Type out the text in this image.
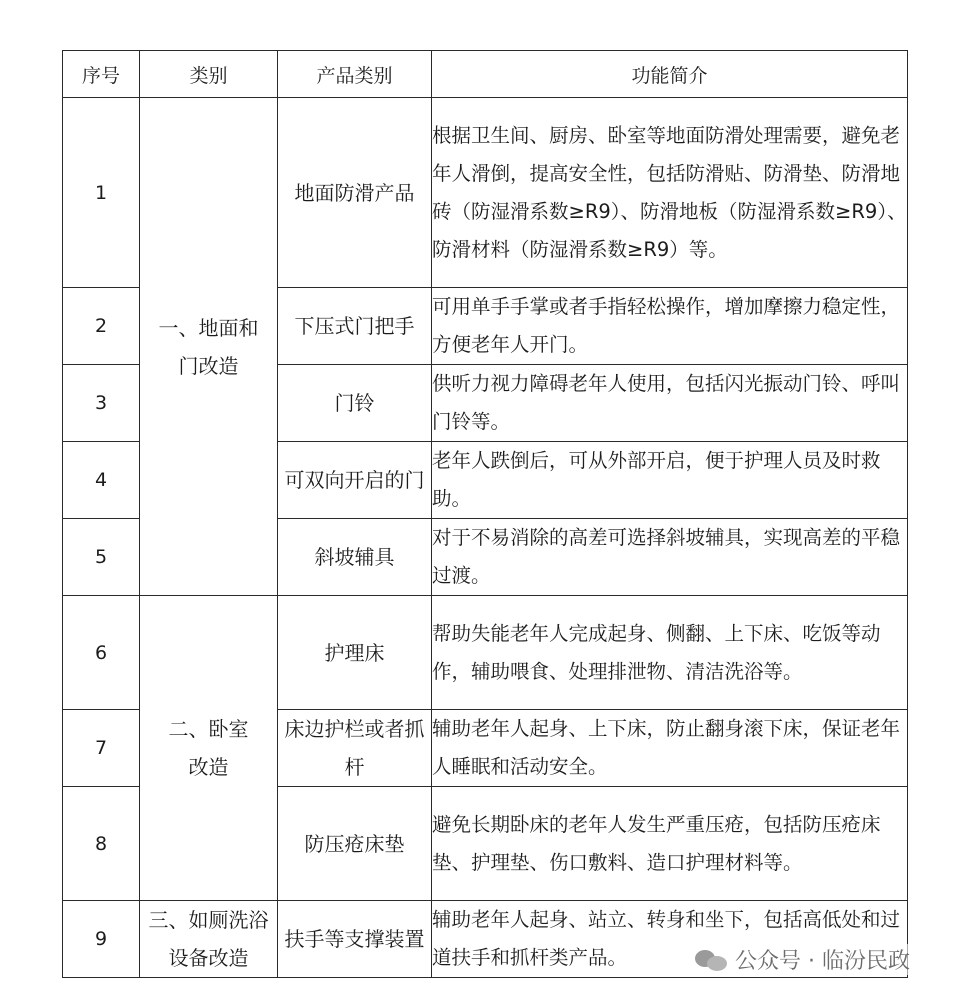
序号	类别	产品类别	功能简介
1	一、地面和门改造	地面防滑产品	根据卫生间、厨房、卧室等地面防滑处理需要，避免老年人滑倒，提高安全性，包括防滑贴、防滑垫、防滑地砖（防湿滑系数≥R9）、防滑地板（防湿滑系数≥R9）、防滑材料（防湿滑系数≥R9）等。
2		下压式门把手	可用单手手掌或者手指轻松操作，增加摩擦力稳定性，方便老年人开门。
3		门铃	供听力视力障碍老年人使用，包括闪光振动门铃、呼叫门铃等。
4		可双向开启的门	老年人跌倒后，可从外部开启，便于护理人员及时救助。
5		斜坡辅具	对于不易消除的高差可选择斜坡辅具，实现高差的平稳过渡。
6	二、卧室改造	护理床	帮助失能老年人完成起身、侧翻、上下床、吃饭等动作，辅助喂食、处理排泄物、清洁洗浴等。
7		床边护栏或者抓杆	辅助老年人起身、上下床，防止翻身滚下床，保证老年人睡眠和活动安全。
8		防压疮床垫	避免长期卧床的老年人发生严重压疮，包括防压疮床垫、护理垫、伤口敷料、造口护理材料等。
9	三、如厕洗浴设备改造	扶手等支撑装置	辅助老年人起身、站立、转身和坐下，包括高低处和过道扶手和抓杆类产品。	公众号 · 临汾民政
